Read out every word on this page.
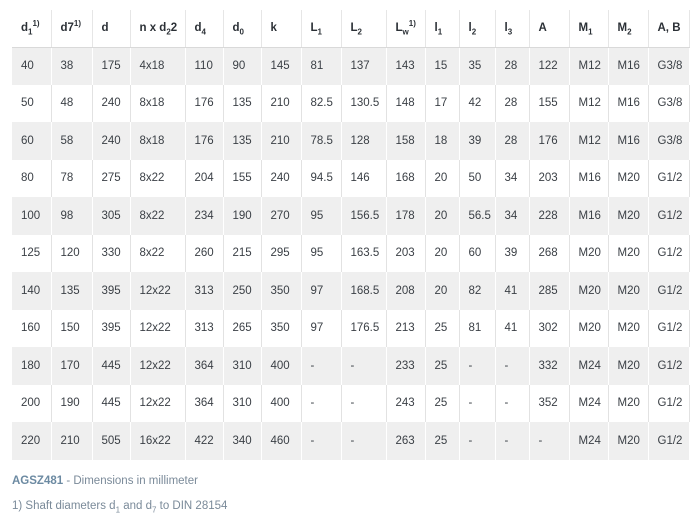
$d_1^{1)}$	d7$^{1)}$	d	n x $d_22$	$d_4$	$d_0$	k	$L_1$	$L_2$	$L_w^{1)}$	$l_1$	$l_2$	$l_3$	A	$M_1$	$M_2$	A, B
40	38	175	4x18	110	90	145	81	137	143	15	35	28	122	M12	M16	G3/8
50	48	240	8x18	176	135	210	82.5	130.5	148	17	42	28	155	M12	M16	G3/8
60	58	240	8x18	176	135	210	78.5	128	158	18	39	28	176	M12	M16	G3/8
80	78	275	8x22	204	155	240	94.5	146	168	20	50	34	203	M16	M20	G1/2
100	98	305	8x22	234	190	270	95	156.5	178	20	56.5	34	228	M16	M20	G1/2
125	120	330	8x22	260	215	295	95	163.5	203	20	60	39	268	M20	M20	G1/2
140	135	395	12x22	313	250	350	97	168.5	208	20	82	41	285	M20	M20	G1/2
160	150	395	12x22	313	265	350	97	176.5	213	25	81	41	302	M20	M20	G1/2
180	170	445	12x22	364	310	400	-	-	233	25	-	-	332	M24	M20	G1/2
200	190	445	12x22	364	310	400	-	-	243	25	-	-	352	M24	M20	G1/2
220	210	505	16x22	422	340	460	-	-	263	25	-	-	-	M24	M20	G1/2
AGSZ481 - Dimensions in millimeter
1) Shaft diameters $d_1$ and $d_7$ to DIN 28154
